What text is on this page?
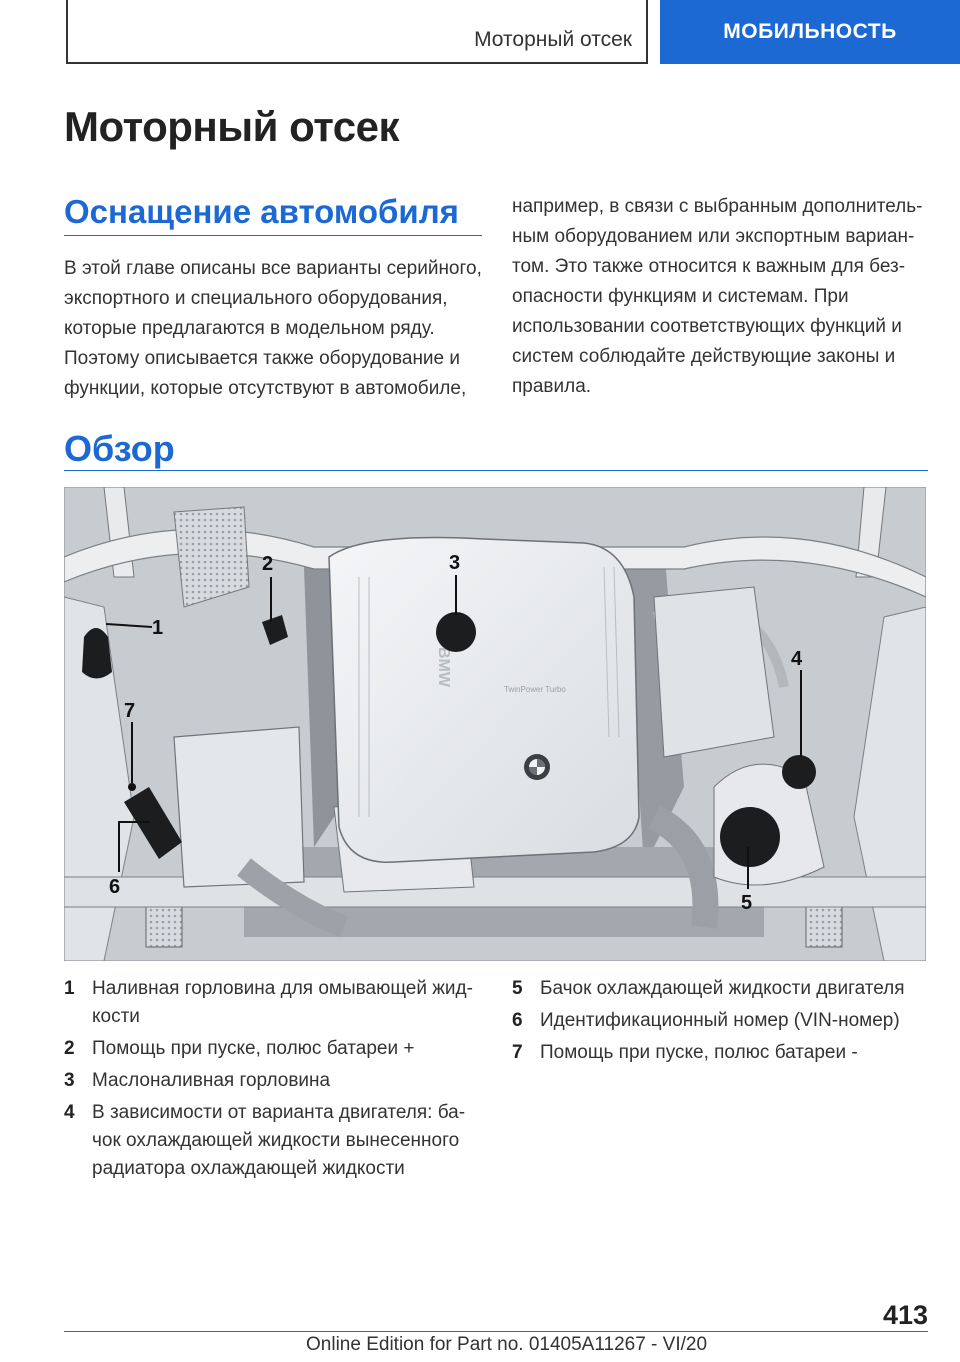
Моторный отсек	МОБИЛЬНОСТЬ
Моторный отсек
Оснащение автомобиля

В этой главе описаны все варианты серийного, экспортного и специального оборудования, которые предлагаются в модельном ряду. Поэтому описывается также оборудование и функции, которые отсутствуют в автомобиле,

например, в связи с выбранным дополнительным оборудованием или экспортным вариантом. Это также относится к важным для безопасности функциям и системам. При использовании соответствующих функций и систем соблюдайте действующие законы и правила.

Обзор
BMW
TwinPower Turbo
1
2	3
4
5
6
7
1 Наливная горловина для омывающей жидкости
2 Помощь при пуске, полюс батареи +
3 Маслоналивная горловина
4 В зависимости от варианта двигателя: бачок охлаждающей жидкости вынесенного радиатора охлаждающей жидкости
5 Бачок охлаждающей жидкости двигателя
6 Идентификационный номер (VIN-номер)
7 Помощь при пуске, полюс батареи -
413
Online Edition for Part no. 01405A11267 - VI/20
